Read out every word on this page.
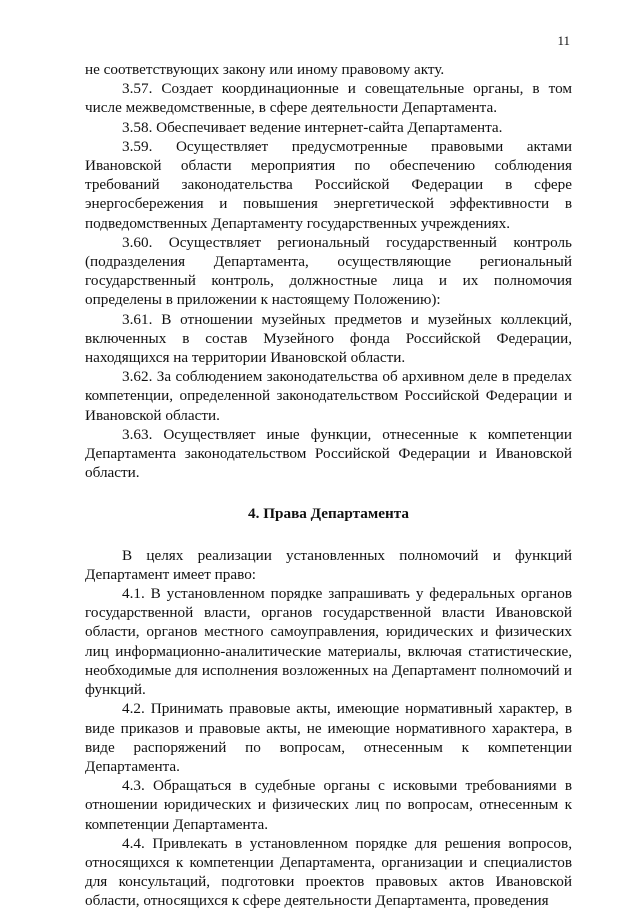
11

не соответствующих закону или иному правовому акту.

3.57. Создает координационные и совещательные органы, в том числе межведомственные, в сфере деятельности Департамента.

3.58. Обеспечивает ведение интернет-сайта Департамента.

3.59. Осуществляет предусмотренные правовыми актами Ивановской области мероприятия по обеспечению соблюдения требований законодательства Российской Федерации в сфере энергосбережения и повышения энергетической эффективности в подведомственных Департаменту государственных учреждениях.

3.60. Осуществляет региональный государственный контроль (подразделения Департамента, осуществляющие региональный государственный контроль, должностные лица и их полномочия определены в приложении к настоящему Положению):

3.61. В отношении музейных предметов и музейных коллекций, включенных в состав Музейного фонда Российской Федерации, находящихся на территории Ивановской области.

3.62. За соблюдением законодательства об архивном деле в пределах компетенции, определенной законодательством Российской Федерации и Ивановской области.

3.63. Осуществляет иные функции, отнесенные к компетенции Департамента законодательством Российской Федерации и Ивановской области.

4. Права Департамента

В целях реализации установленных полномочий и функций Департамент имеет право:

4.1. В установленном порядке запрашивать у федеральных органов государственной власти, органов государственной власти Ивановской области, органов местного самоуправления, юридических и физических лиц информационно-аналитические материалы, включая статистические, необходимые для исполнения возложенных на Департамент полномочий и функций.

4.2. Принимать правовые акты, имеющие нормативный характер, в виде приказов и правовые акты, не имеющие нормативного характера, в виде распоряжений по вопросам, отнесенным к компетенции Департамента.

4.3. Обращаться в судебные органы с исковыми требованиями в отношении юридических и физических лиц по вопросам, отнесенным к компетенции Департамента.

4.4. Привлекать в установленном порядке для решения вопросов, относящихся к компетенции Департамента, организации и специалистов для консультаций, подготовки проектов правовых актов Ивановской области, относящихся к сфере деятельности Департамента, проведения
